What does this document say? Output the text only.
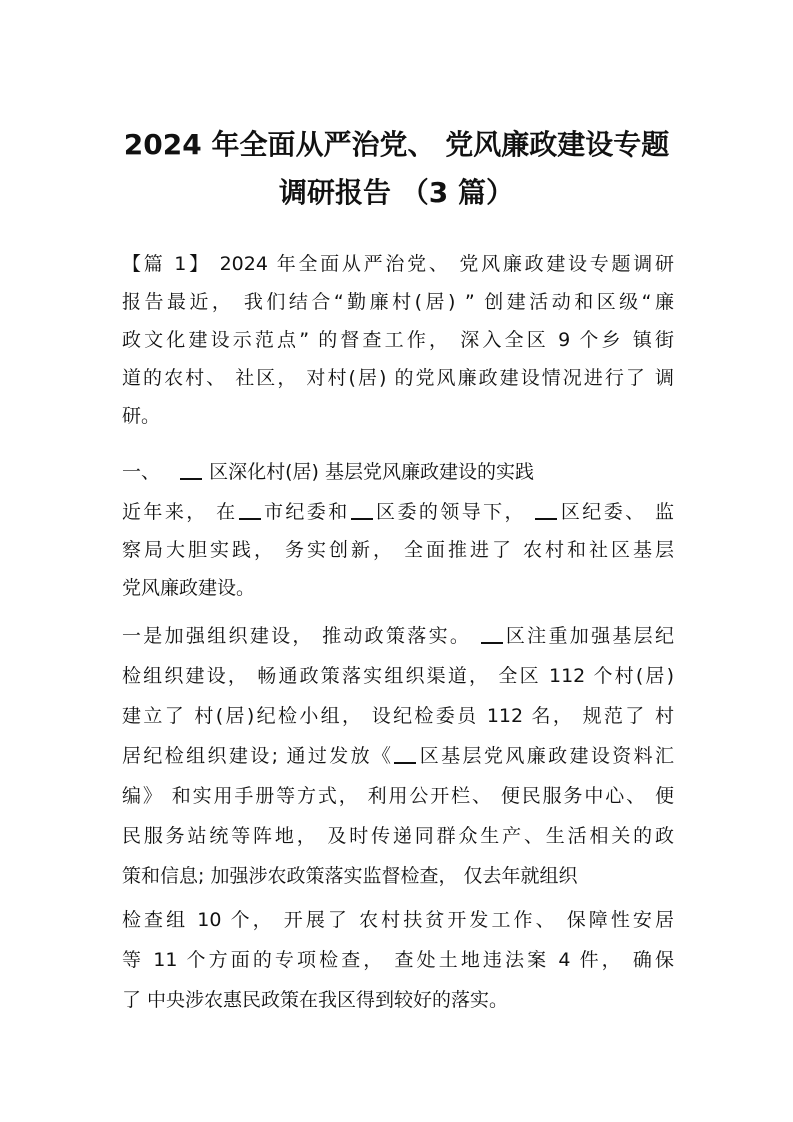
2024 年全面从严治党、 党风廉政建设专题
调研报告 （3 篇）
【篇 1】 2024 年全面从严治党、 党风廉政建设专题调研
报告最近， 我们结合“勤廉村(居) ” 创建活动和区级“廉
政文化建设示范点” 的督查工作， 深入全区 9 个乡 镇街
道的农村、 社区， 对村(居) 的党风廉政建设情况进行了 调
研。
一、	区深化村(居) 基层党风廉政建设的实践
近年来， 在 市纪委和 区委的领导下， 区纪委、 监
察局大胆实践， 务实创新， 全面推进了 农村和社区基层
党风廉政建设。
一是加强组织建设， 推动政策落实。 区注重加强基层纪
检组织建设， 畅通政策落实组织渠道， 全区 112 个村(居)
建立了 村(居)纪检小组， 设纪检委员 112 名， 规范了 村
居纪检组织建设; 通过发放《 区基层党风廉政建设资料汇
编》 和实用手册等方式， 利用公开栏、 便民服务中心、 便
民服务站统等阵地， 及时传递同群众生产、生活相关的政
策和信息; 加强涉农政策落实监督检查， 仅去年就组织
检查组 10 个， 开展了 农村扶贫开发工作、 保障性安居
等 11 个方面的专项检查， 查处土地违法案 4 件， 确保
了 中央涉农惠民政策在我区得到较好的落实。
